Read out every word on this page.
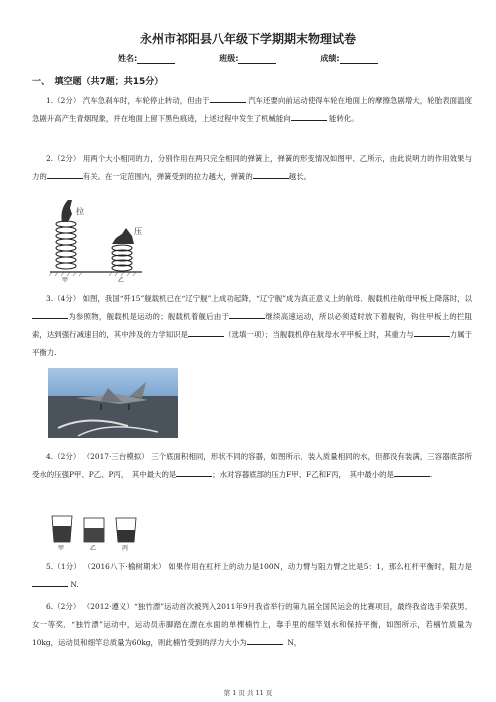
永州市祁阳县八年级下学期期末物理试卷
姓名:	班级:	成绩:
一、　填空题（共7题；共15分）
1.（2分） 汽车急刹车时，车轮停止转动，但由于	汽车还要向前运动使得车轮在地面上的摩擦急剧增大，轮胎表面温度急剧升高产生青烟现象，并在地面上留下黑色痕迹，上述过程中发生了机械能向	能转化。
2.（2分） 用两个大小相同的力，分别作用在两只完全相同的弹簧上，弹簧的形变情况如图甲、乙所示，由此说明力的作用效果与力的	有关。在一定范围内，弹簧受到的拉力越大，弹簧的	越长。
拉
压
甲	乙
3.（4分） 如图，我国“歼15”舰载机已在“辽宁舰”上成功起降，“辽宁舰”成为真正意义上的航母．舰载机往航母甲板上降落时，以为参照物，舰载机是运动的；舰载机着舰后由于	继续高速运动，所以必须适时放下着舰钩，钩住甲板上的拦阻索，达到强行减速目的，其中涉及的力学知识是	（选填一项）；当舰载机停在航母水平甲板上时，其重力与	力属于平衡力.
4.（2分） （2017·三台模拟） 三个底面积相同，形状不同的容器，如图所示．装入质量相同的水，但都没有装满，三容器底部所受水的压强P甲、P乙、P丙，　其中最大的是	；水对容器底部的压力F甲、F乙和F丙，　其中最小的是	.
甲	乙	丙
5.（1分） （2016八下·榆树期末） 如果作用在杠杆上的动力是100N，动力臂与阻力臂之比是5：1，那么杠杆平衡时，阻力是 N.
6.（2分） （2012·遵义）“独竹漂”运动首次被列入2011年9月我省举行的第九届全国民运会的比赛项目，最终我省选手荣获男、女一等奖．“独竹漂”运动中，运动员赤脚踏在漂在水面的单棵楠竹上，靠手里的细竿划水和保持平衡，如图所示，若楠竹质量为10kg，运动员和细竿总质量为60kg，则此楠竹受到的浮力大小为	N，
第 1 页 共 11 页
